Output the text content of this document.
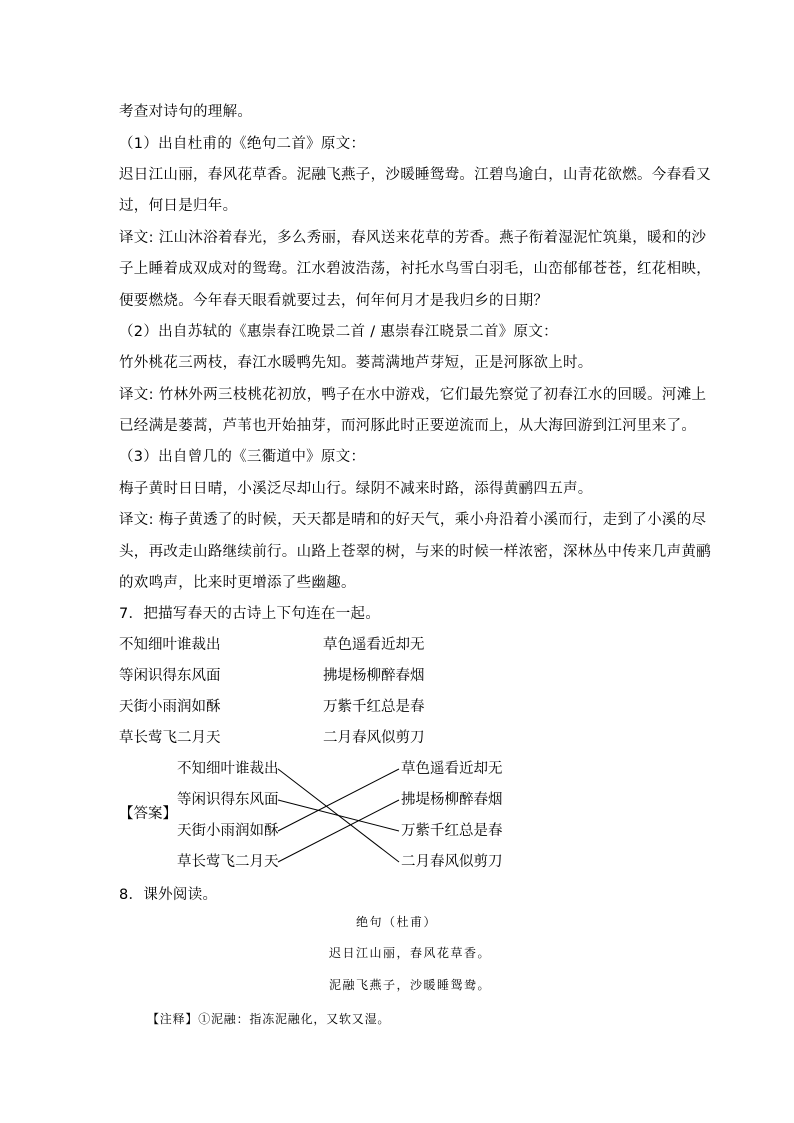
考查对诗句的理解。
（1）出自杜甫的《绝句二首》原文：
迟日江山丽，春风花草香。泥融飞燕子，沙暖睡鸳鸯。江碧鸟逾白，山青花欲燃。今春看又
过，何日是归年。
译文: 江山沐浴着春光，多么秀丽，春风送来花草的芳香。燕子衔着湿泥忙筑巢，暖和的沙
子上睡着成双成对的鸳鸯。江水碧波浩荡，衬托水鸟雪白羽毛，山峦郁郁苍苍，红花相映，
便要燃烧。今年春天眼看就要过去，何年何月才是我归乡的日期？
（2）出自苏轼的《惠崇春江晚景二首 / 惠崇春江晓景二首》原文：
竹外桃花三两枝，春江水暖鸭先知。蒌蒿满地芦芽短，正是河豚欲上时。
译文: 竹林外两三枝桃花初放，鸭子在水中游戏，它们最先察觉了初春江水的回暖。河滩上
已经满是蒌蒿，芦苇也开始抽芽，而河豚此时正要逆流而上，从大海回游到江河里来了。
（3）出自曾几的《三衢道中》原文：
梅子黄时日日晴，小溪泛尽却山行。绿阴不减来时路，添得黄鹂四五声。
译文: 梅子黄透了的时候，天天都是晴和的好天气，乘小舟沿着小溪而行，走到了小溪的尽
头，再改走山路继续前行。山路上苍翠的树，与来的时候一样浓密，深林丛中传来几声黄鹂
的欢鸣声，比来时更增添了些幽趣。
7．把描写春天的古诗上下句连在一起。
不知细叶谁裁出	草色遥看近却无
等闲识得东风面	拂堤杨柳醉春烟
天街小雨润如酥	万紫千红总是春
草长莺飞二月天	二月春风似剪刀
【答案】
不知细叶谁裁出
等闲识得东风面
天街小雨润如酥
草长莺飞二月天
草色遥看近却无
拂堤杨柳醉春烟
万紫千红总是春
二月春风似剪刀
8．课外阅读。
绝句（杜甫）
迟日江山丽，春风花草香。
泥融飞燕子，沙暖睡鸳鸯。
【注释】①泥融：指冻泥融化，又软又湿。
